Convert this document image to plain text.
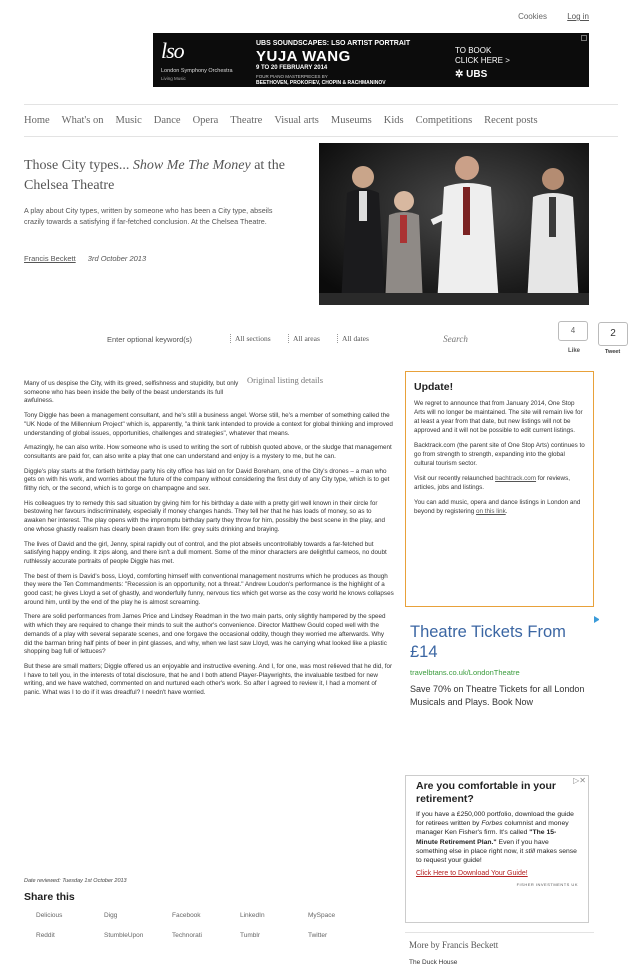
Cookies	Log in
lso
London Symphony Orchestra
Living Music
UBS SOUNDSCAPES: LSO ARTIST PORTRAIT
YUJA WANG
9 TO 20 FEBRUARY 2014
FOUR PIANO MASTERPIECES BY
BEETHOVEN, PROKOFIEV, CHOPIN & RACHMANINOV
TO BOOK
CLICK HERE >
✲ UBS
Home What's on Music Dance Opera Theatre Visual arts Museums Kids Competitions Recent posts
Those City types... Show Me The Money at the Chelsea Theatre
A play about City types, written by someone who has been a City type, abseils crazily towards a satisfying if far-fetched conclusion. At the Chelsea Theatre.
Francis Beckett 3rd October 2013
Enter optional keyword(s)	All sections	All areas	All dates
Search
4
Like
2
Tweet
Original listing details

Many of us despise the City, with its greed, selfishness and stupidity, but only someone who has been inside the belly of the beast understands its full awfulness.

Tony Diggle has been a management consultant, and he's still a business angel. Worse still, he's a member of something called the "UK Node of the Millennium Project" which is, apparently, "a think tank intended to provide a context for global thinking and improved understanding of global issues, opportunities, challenges and strategies", whatever that means.

Amazingly, he can also write. How someone who is used to writing the sort of rubbish quoted above, or the sludge that management consultants are paid for, can also write a play that one can understand and enjoy is a mystery to me, but he can.

Diggle's play starts at the fortieth birthday party his city office has laid on for David Boreham, one of the City's drones – a man who gets on with his work, and worries about the future of the company without considering the first duty of any City type, which is to get filthy rich, or the second, which is to gorge on champagne and sex.

His colleagues try to remedy this sad situation by giving him for his birthday a date with a pretty girl well known in their circle for bestowing her favours indiscriminately, especially if money changes hands. They tell her that he has loads of money, so as to awaken her interest. The play opens with the impromptu birthday party they throw for him, possibly the best scene in the play, and one whose ghastly realism has clearly been drawn from life: grey suits drinking and braying.

The lives of David and the girl, Jenny, spiral rapidly out of control, and the plot abseils uncontrollably towards a far-fetched but satisfying happy ending. It zips along, and there isn't a dull moment. Some of the minor characters are delightful cameos, no doubt ruthlessly accurate portraits of people Diggle has met.

The best of them is David's boss, Lloyd, comforting himself with conventional management nostrums which he produces as though they were the Ten Commandments: "Recession is an opportunity, not a threat." Andrew Loudon's performance is the highlight of a good cast; he gives Lloyd a set of ghastly, and wonderfully funny, nervous tics which get worse as the cosy world he knows collapses around him, until by the end of the play he is almost screaming.

There are solid performances from James Price and Lindsey Readman in the two main parts, only slightly hampered by the speed with which they are required to change their minds to suit the author's convenience. Director Matthew Gould coped well with the demands of a play with several separate scenes, and one forgave the occasional oddity, though they worried me afterwards. Why did the barman bring half pints of beer in pint glasses, and why, when we last saw Lloyd, was he carrying what looked like a plastic shopping bag full of lettuces?

But these are small matters; Diggle offered us an enjoyable and instructive evening. And I, for one, was most relieved that he did, for I have to tell you, in the interests of total disclosure, that he and I both attend Player-Playwrights, the invaluable testbed for new writing, and we have watched, commented on and nurtured each other's work. So after I agreed to review it, I had a moment of panic. What was I to do if it was dreadful? I needn't have worried.

Date reviewed: Tuesday 1st October 2013
Share this
Delicious	Digg	Facebook	LinkedIn	MySpace
Reddit	StumbleUpon	Technorati	Tumblr	Twitter
Update!

We regret to announce that from January 2014, One Stop Arts will no longer be maintained. The site will remain live for at least a year from that date, but new listings will not be approved and it will not be possible to edit current listings.

Backtrack.com (the parent site of One Stop Arts) continues to go from strength to strength, expanding into the global cultural tourism sector.

Visit our recently relaunched bachtrack.com for reviews, articles, jobs and listings.

You can add music, opera and dance listings in London and beyond by registering on this link.

Theatre Tickets From £14
travelbtans.co.uk/LondonTheatre
Save 70% on Theatre Tickets for all London Musicals and Plays. Book Now
▷✕
Are you comfortable in your retirement?
If you have a £250,000 portfolio, download the guide for retirees written by Forbes columnist and money manager Ken Fisher's firm. It's called "The 15-Minute Retirement Plan." Even if you have something else in place right now, it still makes sense to request your guide!
Click Here to Download Your Guide!
FISHER INVESTMENTS UK
More by Francis Beckett
The Duck House
